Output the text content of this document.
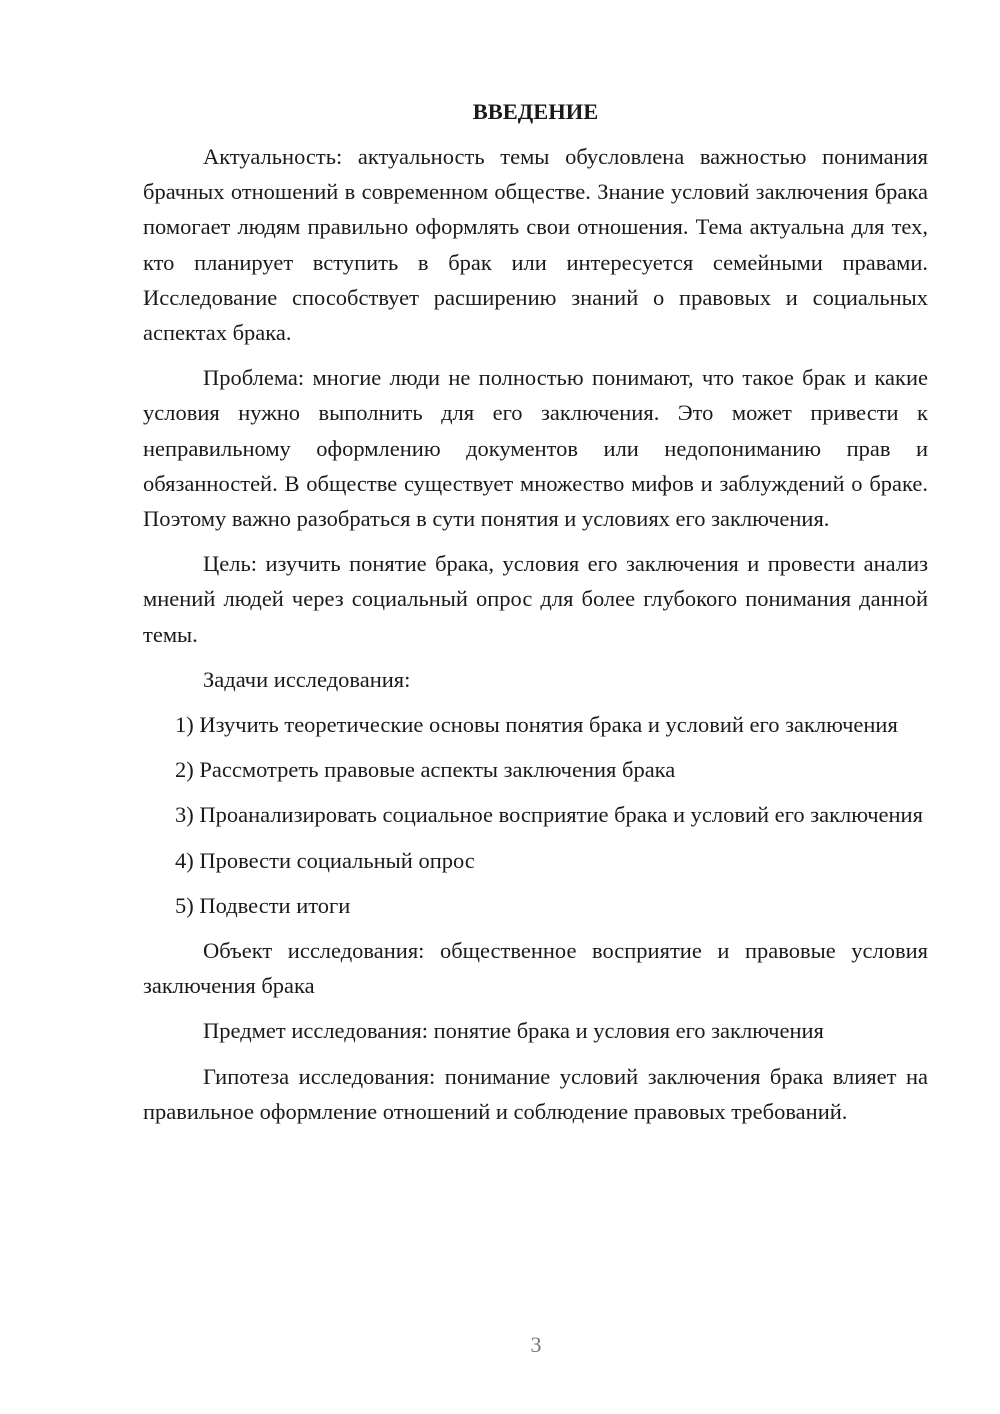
ВВЕДЕНИЕ

Актуальность: актуальность темы обусловлена важностью понимания брачных отношений в современном обществе. Знание условий заключения брака помогает людям правильно оформлять свои отношения. Тема актуальна для тех, кто планирует вступить в брак или интересуется семейными правами. Исследование способствует расширению знаний о правовых и социальных аспектах брака.

Проблема: многие люди не полностью понимают, что такое брак и какие условия нужно выполнить для его заключения. Это может привести к неправильному оформлению документов или недопониманию прав и обязанностей. В обществе существует множество мифов и заблуждений о браке. Поэтому важно разобраться в сути понятия и условиях его заключения.

Цель: изучить понятие брака, условия его заключения и провести анализ мнений людей через социальный опрос для более глубокого понимания данной темы.

Задачи исследования:

1) Изучить теоретические основы понятия брака и условий его заключения

2) Рассмотреть правовые аспекты заключения брака

3) Проанализировать социальное восприятие брака и условий его заключения

4) Провести социальный опрос

5) Подвести итоги

Объект исследования: общественное восприятие и правовые условия заключения брака

Предмет исследования: понятие брака и условия его заключения

Гипотеза исследования: понимание условий заключения брака влияет на правильное оформление отношений и соблюдение правовых требований.

3
